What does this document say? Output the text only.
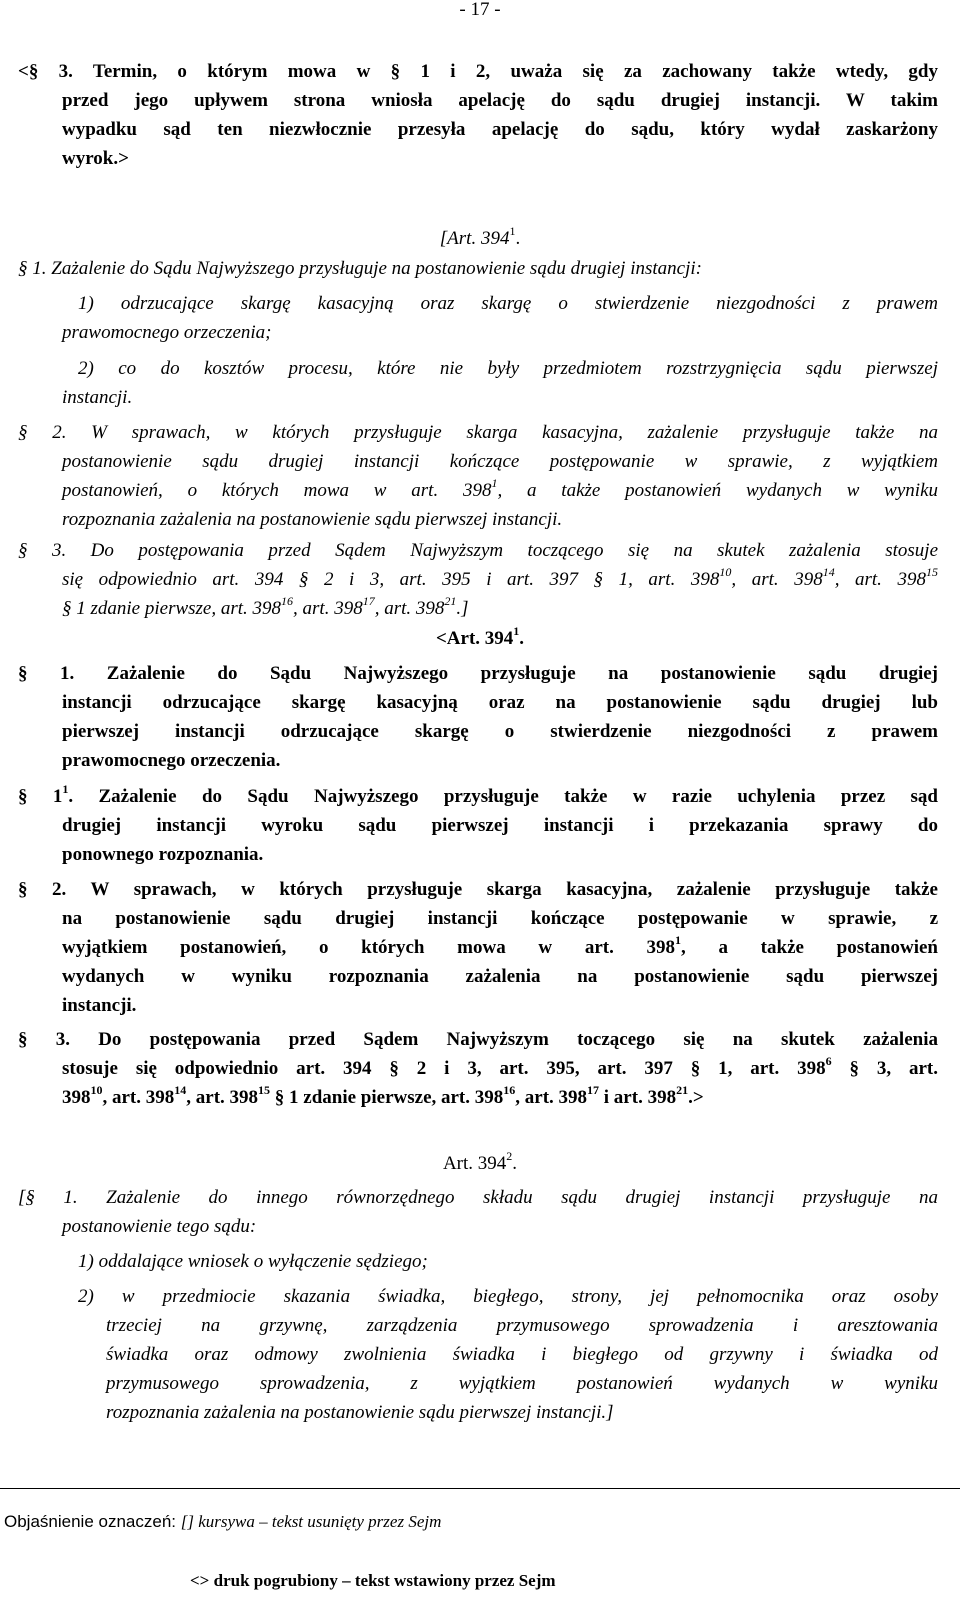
- 17 -
<§ 3. Termin, o którym mowa w § 1 i 2, uważa się za zachowany także wtedy, gdy
przed jego upływem strona wniosła apelację do sądu drugiej instancji. W takim
wypadku sąd ten niezwłocznie przesyła apelację do sądu, który wydał zaskarżony
wyrok.>
[Art. $394^1$.
§ 1. Zażalenie do Sądu Najwyższego przysługuje na postanowienie sądu drugiej instancji:
1) odrzucające skargę kasacyjną oraz skargę o stwierdzenie niezgodności z prawem
prawomocnego orzeczenia;
2) co do kosztów procesu, które nie były przedmiotem rozstrzygnięcia sądu pierwszej
instancji.
§ 2. W sprawach, w których przysługuje skarga kasacyjna, zażalenie przysługuje także na
postanowienie sądu drugiej instancji kończące postępowanie w sprawie, z wyjątkiem
postanowień, o których mowa w art. $398^1$, a także postanowień wydanych w wyniku
rozpoznania zażalenia na postanowienie sądu pierwszej instancji.
§ 3. Do postępowania przed Sądem Najwyższym toczącego się na skutek zażalenia stosuje
się odpowiednio art. 394 § 2 i 3, art. 395 i art. 397 § 1, art. $398^{10}$, art. $398^{14}$, art. $398^{15}$
§ 1 zdanie pierwsze, art. $398^{16}$, art. $398^{17}$, art. $398^{21}$.]
<Art. $394^1$.
§ 1. Zażalenie do Sądu Najwyższego przysługuje na postanowienie sądu drugiej
instancji odrzucające skargę kasacyjną oraz na postanowienie sądu drugiej lub
pierwszej instancji odrzucające skargę o stwierdzenie niezgodności z prawem
prawomocnego orzeczenia.
§ $1^1$. Zażalenie do Sądu Najwyższego przysługuje także w razie uchylenia przez sąd
drugiej instancji wyroku sądu pierwszej instancji i przekazania sprawy do
ponownego rozpoznania.
§ 2. W sprawach, w których przysługuje skarga kasacyjna, zażalenie przysługuje także
na postanowienie sądu drugiej instancji kończące postępowanie w sprawie, z
wyjątkiem postanowień, o których mowa w art. $398^1$, a także postanowień
wydanych w wyniku rozpoznania zażalenia na postanowienie sądu pierwszej
instancji.
§ 3. Do postępowania przed Sądem Najwyższym toczącego się na skutek zażalenia
stosuje się odpowiednio art. 394 § 2 i 3, art. 395, art. 397 § 1, art. $398^6$ § 3, art.
$398^{10}$, art. $398^{14}$, art. $398^{15}$ § 1 zdanie pierwsze, art. $398^{16}$, art. $398^{17}$ i art. $398^{21}.>$
Art. $394^2$.
[§ 1. Zażalenie do innego równorzędnego składu sądu drugiej instancji przysługuje na
postanowienie tego sądu:
1) oddalające wniosek o wyłączenie sędziego;
2) w przedmiocie skazania świadka, biegłego, strony, jej pełnomocnika oraz osoby
trzeciej na grzywnę, zarządzenia przymusowego sprowadzenia i aresztowania
świadka oraz odmowy zwolnienia świadka i biegłego od grzywny i świadka od
przymusowego sprowadzenia, z wyjątkiem postanowień wydanych w wyniku
rozpoznania zażalenia na postanowienie sądu pierwszej instancji.]
Objaśnienie oznaczeń: [] kursywa – tekst usunięty przez Sejm
<> druk pogrubiony – tekst wstawiony przez Sejm
